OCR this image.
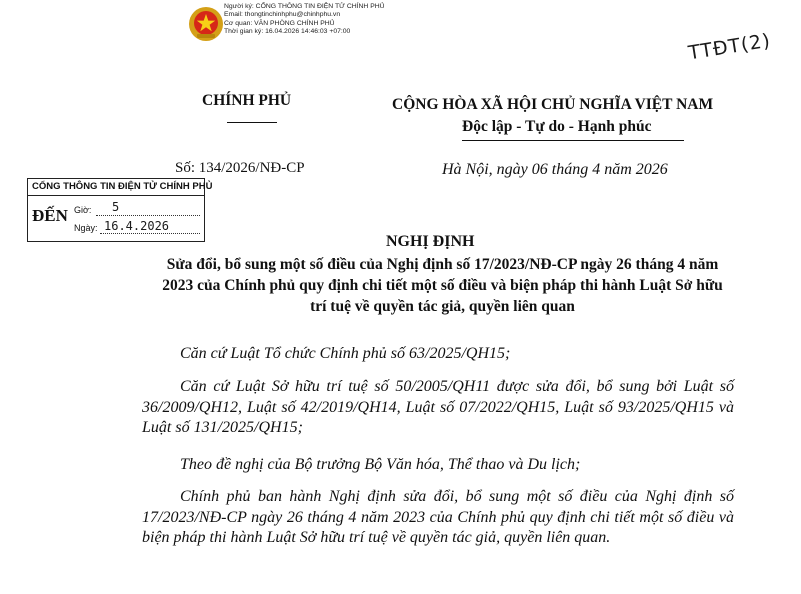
Người ký: CỔNG THÔNG TIN ĐIỆN TỬ CHÍNH PHỦ
Email: thongtinchinhphu@chinhphu.vn
Cơ quan: VĂN PHÒNG CHÍNH PHỦ
Thời gian ký: 16.04.2026 14:46:03 +07:00	TTĐT(2)
CHÍNH PHỦ
Số: 134/2026/NĐ-CP
CỘNG HÒA XÃ HỘI CHỦ NGHĨA VIỆT NAM
Độc lập - Tự do - Hạnh phúc
Hà Nội, ngày 06 tháng 4 năm 2026
CỔNG THÔNG TIN ĐIỆN TỬ CHÍNH PHỦ
ĐẾN Giờ: 5
Ngày: 16.4.2026
NGHỊ ĐỊNH
Sửa đổi, bổ sung một số điều của Nghị định số 17/2023/NĐ-CP ngày 26 tháng 4 năm 2023 của Chính phủ quy định chi tiết một số điều và biện pháp thi hành Luật Sở hữu trí tuệ về quyền tác giả, quyền liên quan
Căn cứ Luật Tổ chức Chính phủ số 63/2025/QH15;
Căn cứ Luật Sở hữu trí tuệ số 50/2005/QH11 được sửa đổi, bổ sung bởi Luật số 36/2009/QH12, Luật số 42/2019/QH14, Luật số 07/2022/QH15, Luật số 93/2025/QH15 và Luật số 131/2025/QH15;
Theo đề nghị của Bộ trưởng Bộ Văn hóa, Thể thao và Du lịch;
Chính phủ ban hành Nghị định sửa đổi, bổ sung một số điều của Nghị định số 17/2023/NĐ-CP ngày 26 tháng 4 năm 2023 của Chính phủ quy định chi tiết một số điều và biện pháp thi hành Luật Sở hữu trí tuệ về quyền tác giả, quyền liên quan.
